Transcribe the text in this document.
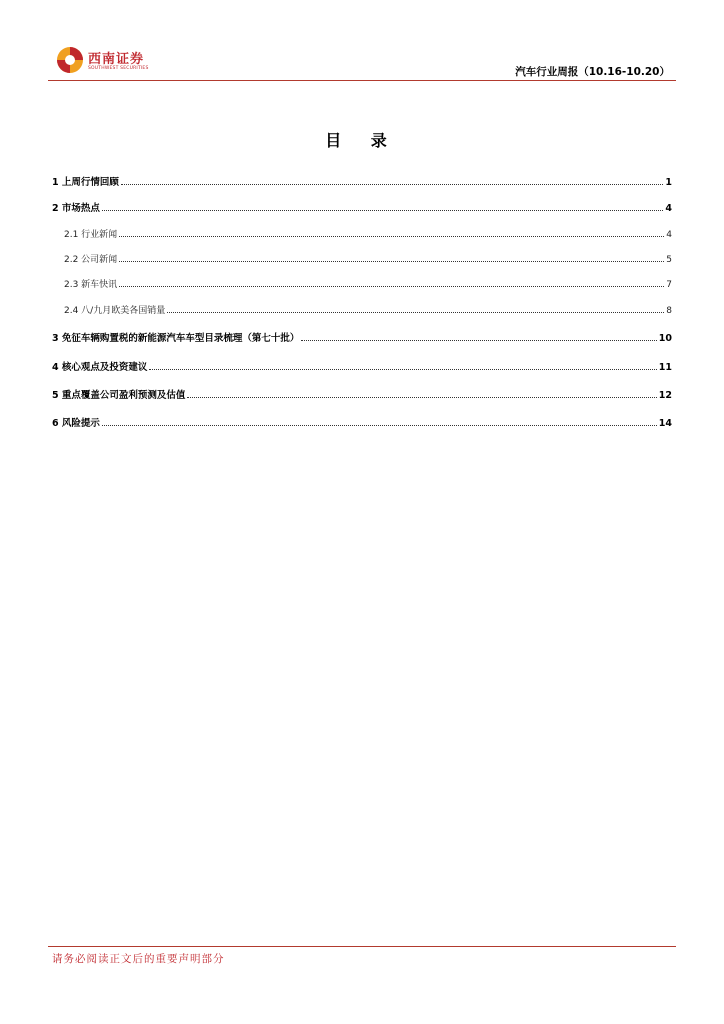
西南证券
SOUTHWEST SECURITIES	汽车行业周报（10.16-10.20）
目 录
1 上周行情回顾	1
2 市场热点	4
2.1 行业新闻	4
2.2 公司新闻	5
2.3 新车快讯	7
2.4 八/九月欧美各国销量	8
3 免征车辆购置税的新能源汽车车型目录梳理（第七十批）	10
4 核心观点及投资建议	11
5 重点覆盖公司盈利预测及估值	12
6 风险提示	14
请务必阅读正文后的重要声明部分
